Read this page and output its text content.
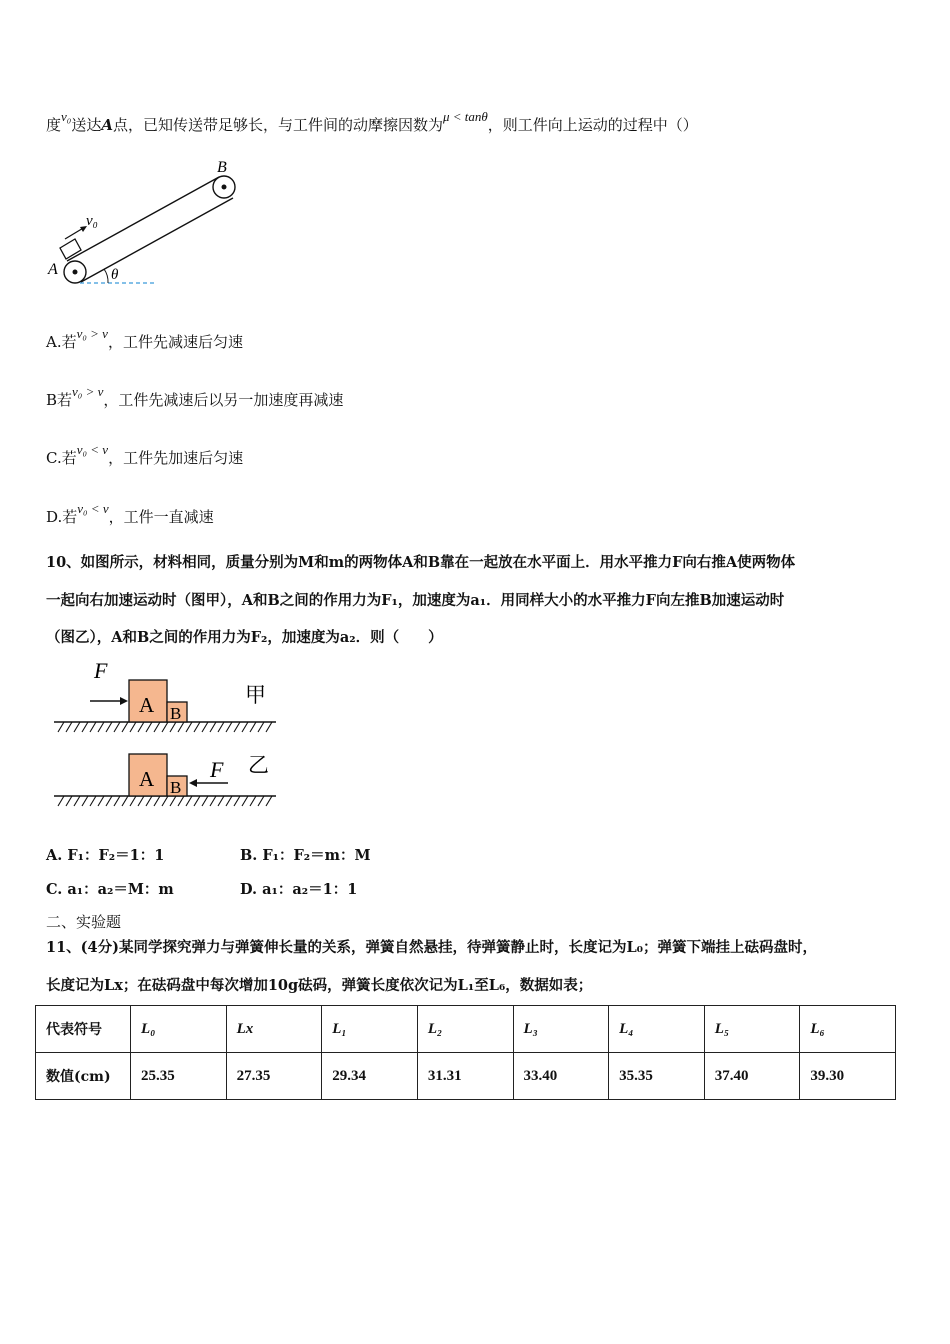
度v₀送达A点，已知传送带足够长，与工件间的动摩擦因数为μ < tanθ，则工件向上运动的过程中（）
B
A
v₀
θ
A.若v₀ > v，工件先减速后匀速
B若v₀ > v，工件先减速后以另一加速度再减速
C.若v₀ < v，工件先加速后匀速
D.若v₀ < v，工件一直减速
10、如图所示，材料相同，质量分别为M和m的两物体A和B靠在一起放在水平面上．用水平推力F向右推A使两物体
一起向右加速运动时（图甲），A和B之间的作用力为F₁，加速度为a₁．用同样大小的水平推力F向左推B加速运动时
（图乙），A和B之间的作用力为F₂，加速度为a₂．则（　　）
A B
F
甲
A B
F 乙
A. F₁：F₂＝1：1	B. F₁：F₂＝m：M
C. a₁：a₂＝M：m	D. a₁：a₂＝1：1
二、实验题
11、(4分)某同学探究弹力与弹簧伸长量的关系，弹簧自然悬挂，待弹簧静止时，长度记为L₀；弹簧下端挂上砝码盘时，
长度记为Lx；在砝码盘中每次增加10g砝码，弹簧长度依次记为L₁至L₆，数据如表；
代表符号	L₀	Lx	L₁	L₂	L₃	L₄	L₅	L₆
数值(cm)	25.35	27.35	29.34	31.31	33.40	35.35	37.40	39.30
